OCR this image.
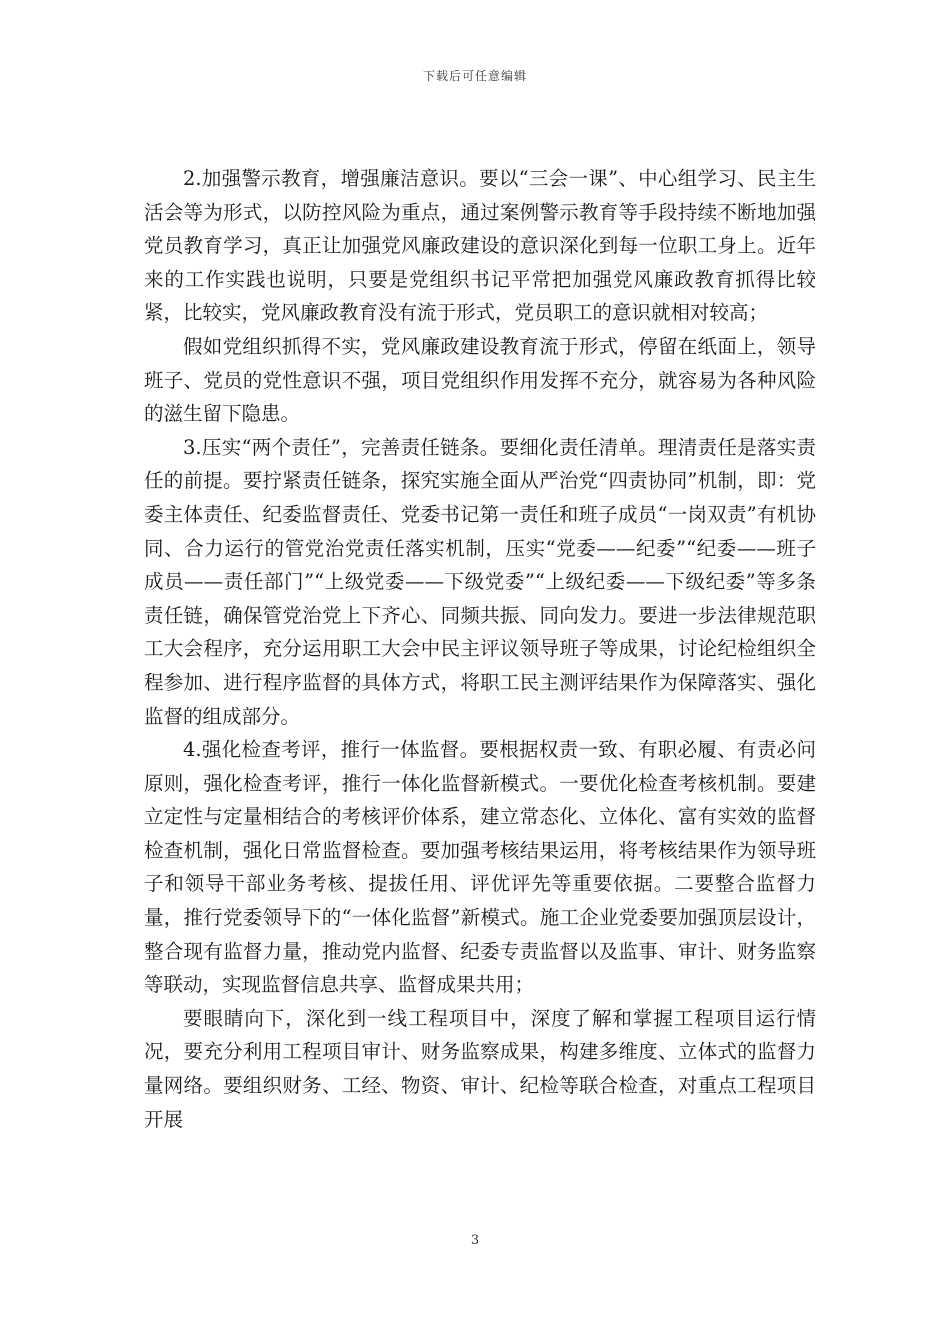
下载后可任意编辑

2.加强警示教育，增强廉洁意识。要以“三会一课”、中心组学习、民主生活会等为形式，以防控风险为重点，通过案例警示教育等手段持续不断地加强党员教育学习，真正让加强党风廉政建设的意识深化到每一位职工身上。近年来的工作实践也说明，只要是党组织书记平常把加强党风廉政教育抓得比较紧，比较实，党风廉政教育没有流于形式，党员职工的意识就相对较高；

假如党组织抓得不实，党风廉政建设教育流于形式，停留在纸面上，领导班子、党员的党性意识不强，项目党组织作用发挥不充分，就容易为各种风险的滋生留下隐患。

3.压实“两个责任”，完善责任链条。要细化责任清单。理清责任是落实责任的前提。要拧紧责任链条，探究实施全面从严治党“四责协同”机制，即：党委主体责任、纪委监督责任、党委书记第一责任和班子成员“一岗双责”有机协同、合力运行的管党治党责任落实机制，压实“党委——纪委”“纪委——班子成员——责任部门”“上级党委——下级党委”“上级纪委——下级纪委”等多条责任链，确保管党治党上下齐心、同频共振、同向发力。要进一步法律规范职工大会程序，充分运用职工大会中民主评议领导班子等成果，讨论纪检组织全程参加、进行程序监督的具体方式，将职工民主测评结果作为保障落实、强化监督的组成部分。

4.强化检查考评，推行一体监督。要根据权责一致、有职必履、有责必问原则，强化检查考评，推行一体化监督新模式。一要优化检查考核机制。要建立定性与定量相结合的考核评价体系，建立常态化、立体化、富有实效的监督检查机制，强化日常监督检查。要加强考核结果运用，将考核结果作为领导班子和领导干部业务考核、提拔任用、评优评先等重要依据。二要整合监督力量，推行党委领导下的“一体化监督”新模式。施工企业党委要加强顶层设计，整合现有监督力量，推动党内监督、纪委专责监督以及监事、审计、财务监察等联动，实现监督信息共享、监督成果共用；

要眼睛向下，深化到一线工程项目中，深度了解和掌握工程项目运行情况，要充分利用工程项目审计、财务监察成果，构建多维度、立体式的监督力量网络。要组织财务、工经、物资、审计、纪检等联合检查，对重点工程项目开展

3
